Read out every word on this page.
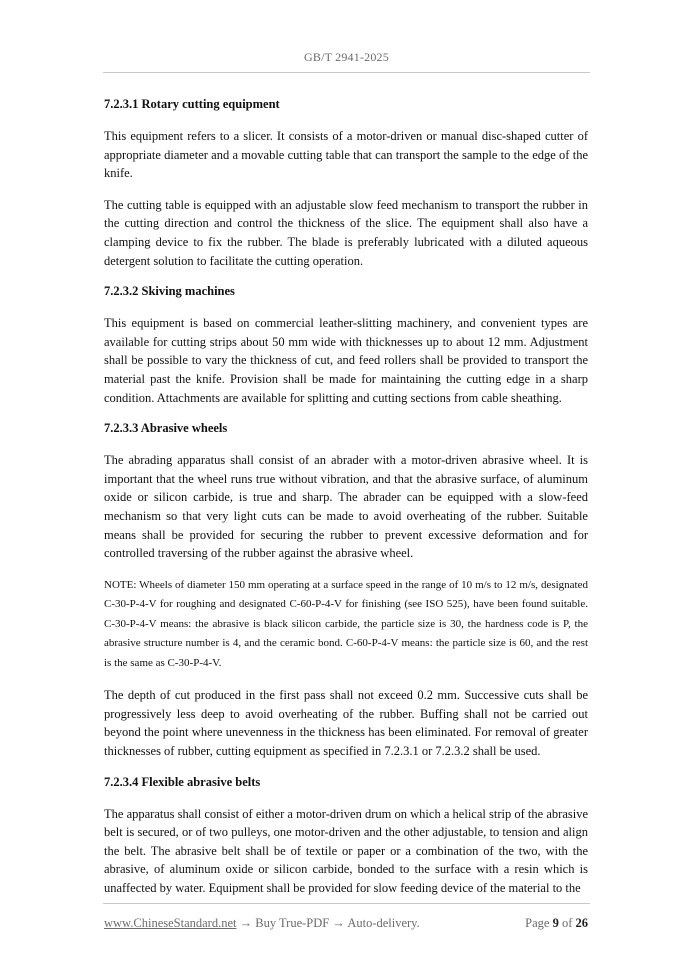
GB/T 2941-2025
7.2.3.1 Rotary cutting equipment

This equipment refers to a slicer. It consists of a motor-driven or manual disc-shaped cutter of appropriate diameter and a movable cutting table that can transport the sample to the edge of the knife.

The cutting table is equipped with an adjustable slow feed mechanism to transport the rubber in the cutting direction and control the thickness of the slice. The equipment shall also have a clamping device to fix the rubber. The blade is preferably lubricated with a diluted aqueous detergent solution to facilitate the cutting operation.

7.2.3.2 Skiving machines

This equipment is based on commercial leather-slitting machinery, and convenient types are available for cutting strips about 50 mm wide with thicknesses up to about 12 mm. Adjustment shall be possible to vary the thickness of cut, and feed rollers shall be provided to transport the material past the knife. Provision shall be made for maintaining the cutting edge in a sharp condition. Attachments are available for splitting and cutting sections from cable sheathing.

7.2.3.3 Abrasive wheels

The abrading apparatus shall consist of an abrader with a motor-driven abrasive wheel. It is important that the wheel runs true without vibration, and that the abrasive surface, of aluminum oxide or silicon carbide, is true and sharp. The abrader can be equipped with a slow-feed mechanism so that very light cuts can be made to avoid overheating of the rubber. Suitable means shall be provided for securing the rubber to prevent excessive deformation and for controlled traversing of the rubber against the abrasive wheel.

NOTE: Wheels of diameter 150 mm operating at a surface speed in the range of 10 m/s to 12 m/s, designated C-30-P-4-V for roughing and designated C-60-P-4-V for finishing (see ISO 525), have been found suitable. C-30-P-4-V means: the abrasive is black silicon carbide, the particle size is 30, the hardness code is P, the abrasive structure number is 4, and the ceramic bond. C-60-P-4-V means: the particle size is 60, and the rest is the same as C-30-P-4-V.

The depth of cut produced in the first pass shall not exceed 0.2 mm. Successive cuts shall be progressively less deep to avoid overheating of the rubber. Buffing shall not be carried out beyond the point where unevenness in the thickness has been eliminated. For removal of greater thicknesses of rubber, cutting equipment as specified in 7.2.3.1 or 7.2.3.2 shall be used.

7.2.3.4 Flexible abrasive belts

The apparatus shall consist of either a motor-driven drum on which a helical strip of the abrasive belt is secured, or of two pulleys, one motor-driven and the other adjustable, to tension and align the belt. The abrasive belt shall be of textile or paper or a combination of the two, with the abrasive, of aluminum oxide or silicon carbide, bonded to the surface with a resin which is unaffected by water. Equipment shall be provided for slow feeding device of the material to the

www.ChineseStandard.net → Buy True-PDF → Auto-delivery.	Page 9 of 26
